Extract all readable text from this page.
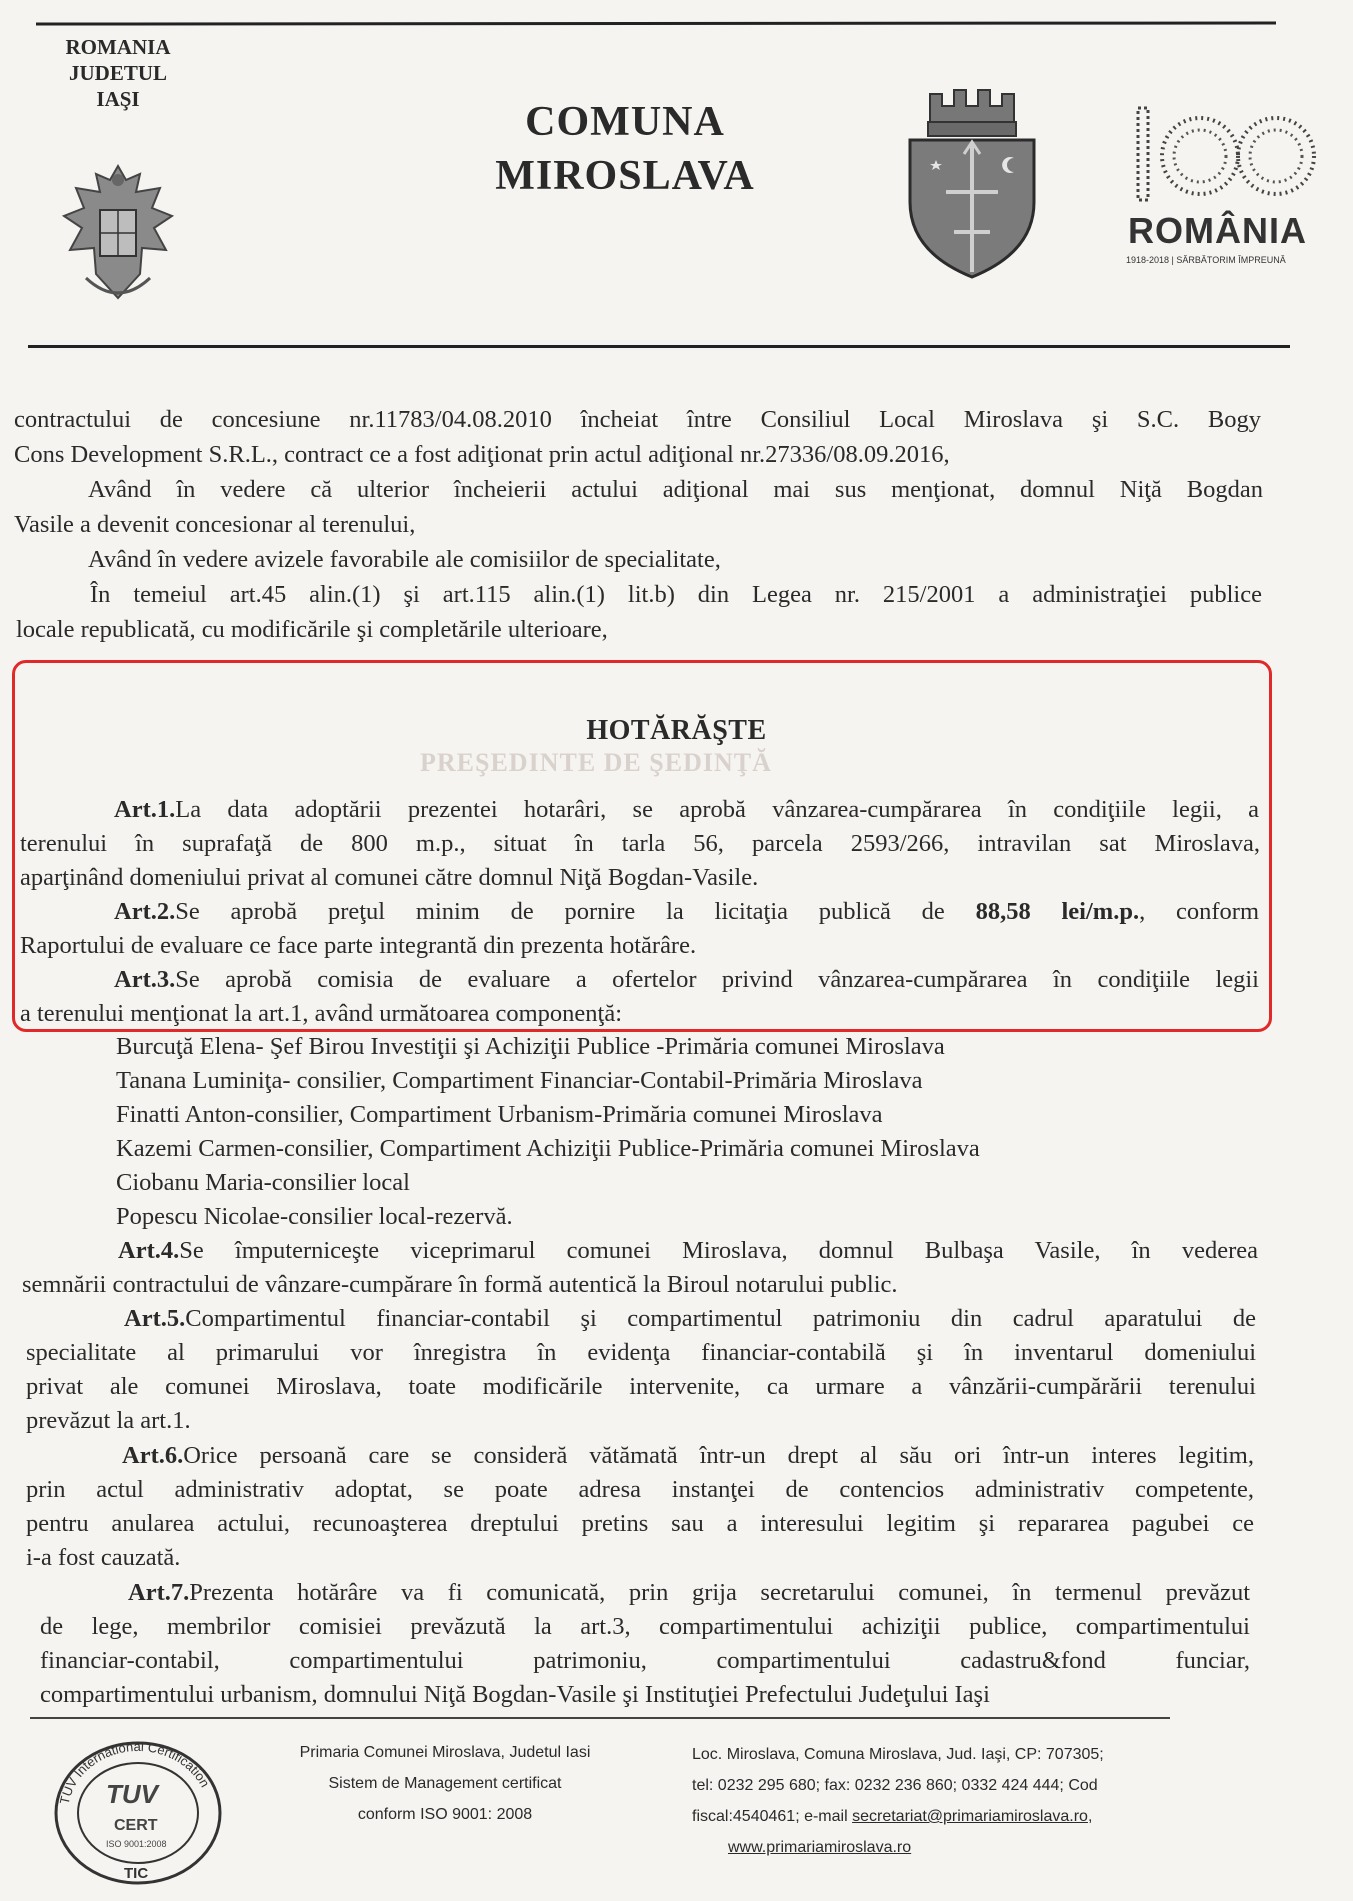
ROMANIA
JUDETUL IAŞI	COMUNA
MIROSLAVA
ROMÂNIA
1918-2018 | SĂRBĂTORIM ÎMPREUNĂ
contractului de concesiune nr.11783/04.08.2010 încheiat între Consiliul Local Miroslava şi S.C. Bogy
Cons Development S.R.L., contract ce a fost adiţionat prin actul adiţional nr.27336/08.09.2016,
Având în vedere că ulterior încheierii actului adiţional mai sus menţionat, domnul Niţă Bogdan
Vasile a devenit concesionar al terenului,
Având în vedere avizele favorabile ale comisiilor de specialitate,
În temeiul art.45 alin.(1) şi art.115 alin.(1) lit.b) din Legea nr. 215/2001 a administraţiei publice
locale republicată, cu modificările şi completările ulterioare,
PREŞEDINTE DE ŞEDINŢĂ
HOTĂRĂŞTE
Art.1.La data adoptării prezentei hotarâri, se aprobă vânzarea-cumpărarea în condiţiile legii, a
terenului în suprafaţă de 800 m.p., situat în tarla 56, parcela 2593/266, intravilan sat Miroslava,
aparţinând domeniului privat al comunei către domnul Niţă Bogdan-Vasile.
Art.2.Se aprobă preţul minim de pornire la licitaţia publică de 88,58 lei/m.p., conform
Raportului de evaluare ce face parte integrantă din prezenta hotărâre.
Art.3.Se aprobă comisia de evaluare a ofertelor privind vânzarea-cumpărarea în condiţiile legii
a terenului menţionat la art.1, având următoarea componenţă:
Burcuţă Elena- Şef Birou Investiţii şi Achiziţii Publice -Primăria comunei Miroslava
Tanana Luminiţa- consilier, Compartiment Financiar-Contabil-Primăria Miroslava
Finatti Anton-consilier, Compartiment Urbanism-Primăria comunei Miroslava
Kazemi Carmen-consilier, Compartiment Achiziţii Publice-Primăria comunei Miroslava
Ciobanu Maria-consilier local
Popescu Nicolae-consilier local-rezervă.
Art.4.Se împuterniceşte viceprimarul comunei Miroslava, domnul Bulbaşa Vasile, în vederea
semnării contractului de vânzare-cumpărare în formă autentică la Biroul notarului public.
Art.5.Compartimentul financiar-contabil şi compartimentul patrimoniu din cadrul aparatului de
specialitate al primarului vor înregistra în evidenţa financiar-contabilă şi în inventarul domeniului
privat ale comunei Miroslava, toate modificările intervenite, ca urmare a vânzării-cumpărării terenului
prevăzut la art.1.
Art.6.Orice persoană care se consideră vătămată într-un drept al său ori într-un interes legitim,
prin actul administrativ adoptat, se poate adresa instanţei de contencios administrativ competente,
pentru anularea actului, recunoaşterea dreptului pretins sau a interesului legitim şi repararea pagubei ce
i-a fost cauzată.
Art.7.Prezenta hotărâre va fi comunicată, prin grija secretarului comunei, în termenul prevăzut
de lege, membrilor comisiei prevăzută la art.3, compartimentului achiziţii publice, compartimentului
financiar-contabil, compartimentului patrimoniu, compartimentului cadastru&fond funciar,
compartimentului urbanism, domnului Niţă Bogdan-Vasile şi Instituţiei Prefectului Judeţului Iaşi
TÜV International Certification
TUV
CERT
ISO 9001:2008
TIC
Primaria Comunei Miroslava, Judetul Iasi
Sistem de Management certificat
conform ISO 9001: 2008
Loc. Miroslava, Comuna Miroslava, Jud. Iaşi, CP: 707305;
tel: 0232 295 680; fax: 0232 236 860; 0332 424 444; Cod
fiscal:4540461; e-mail secretariat@primariamiroslava.ro,
www.primariamiroslava.ro
